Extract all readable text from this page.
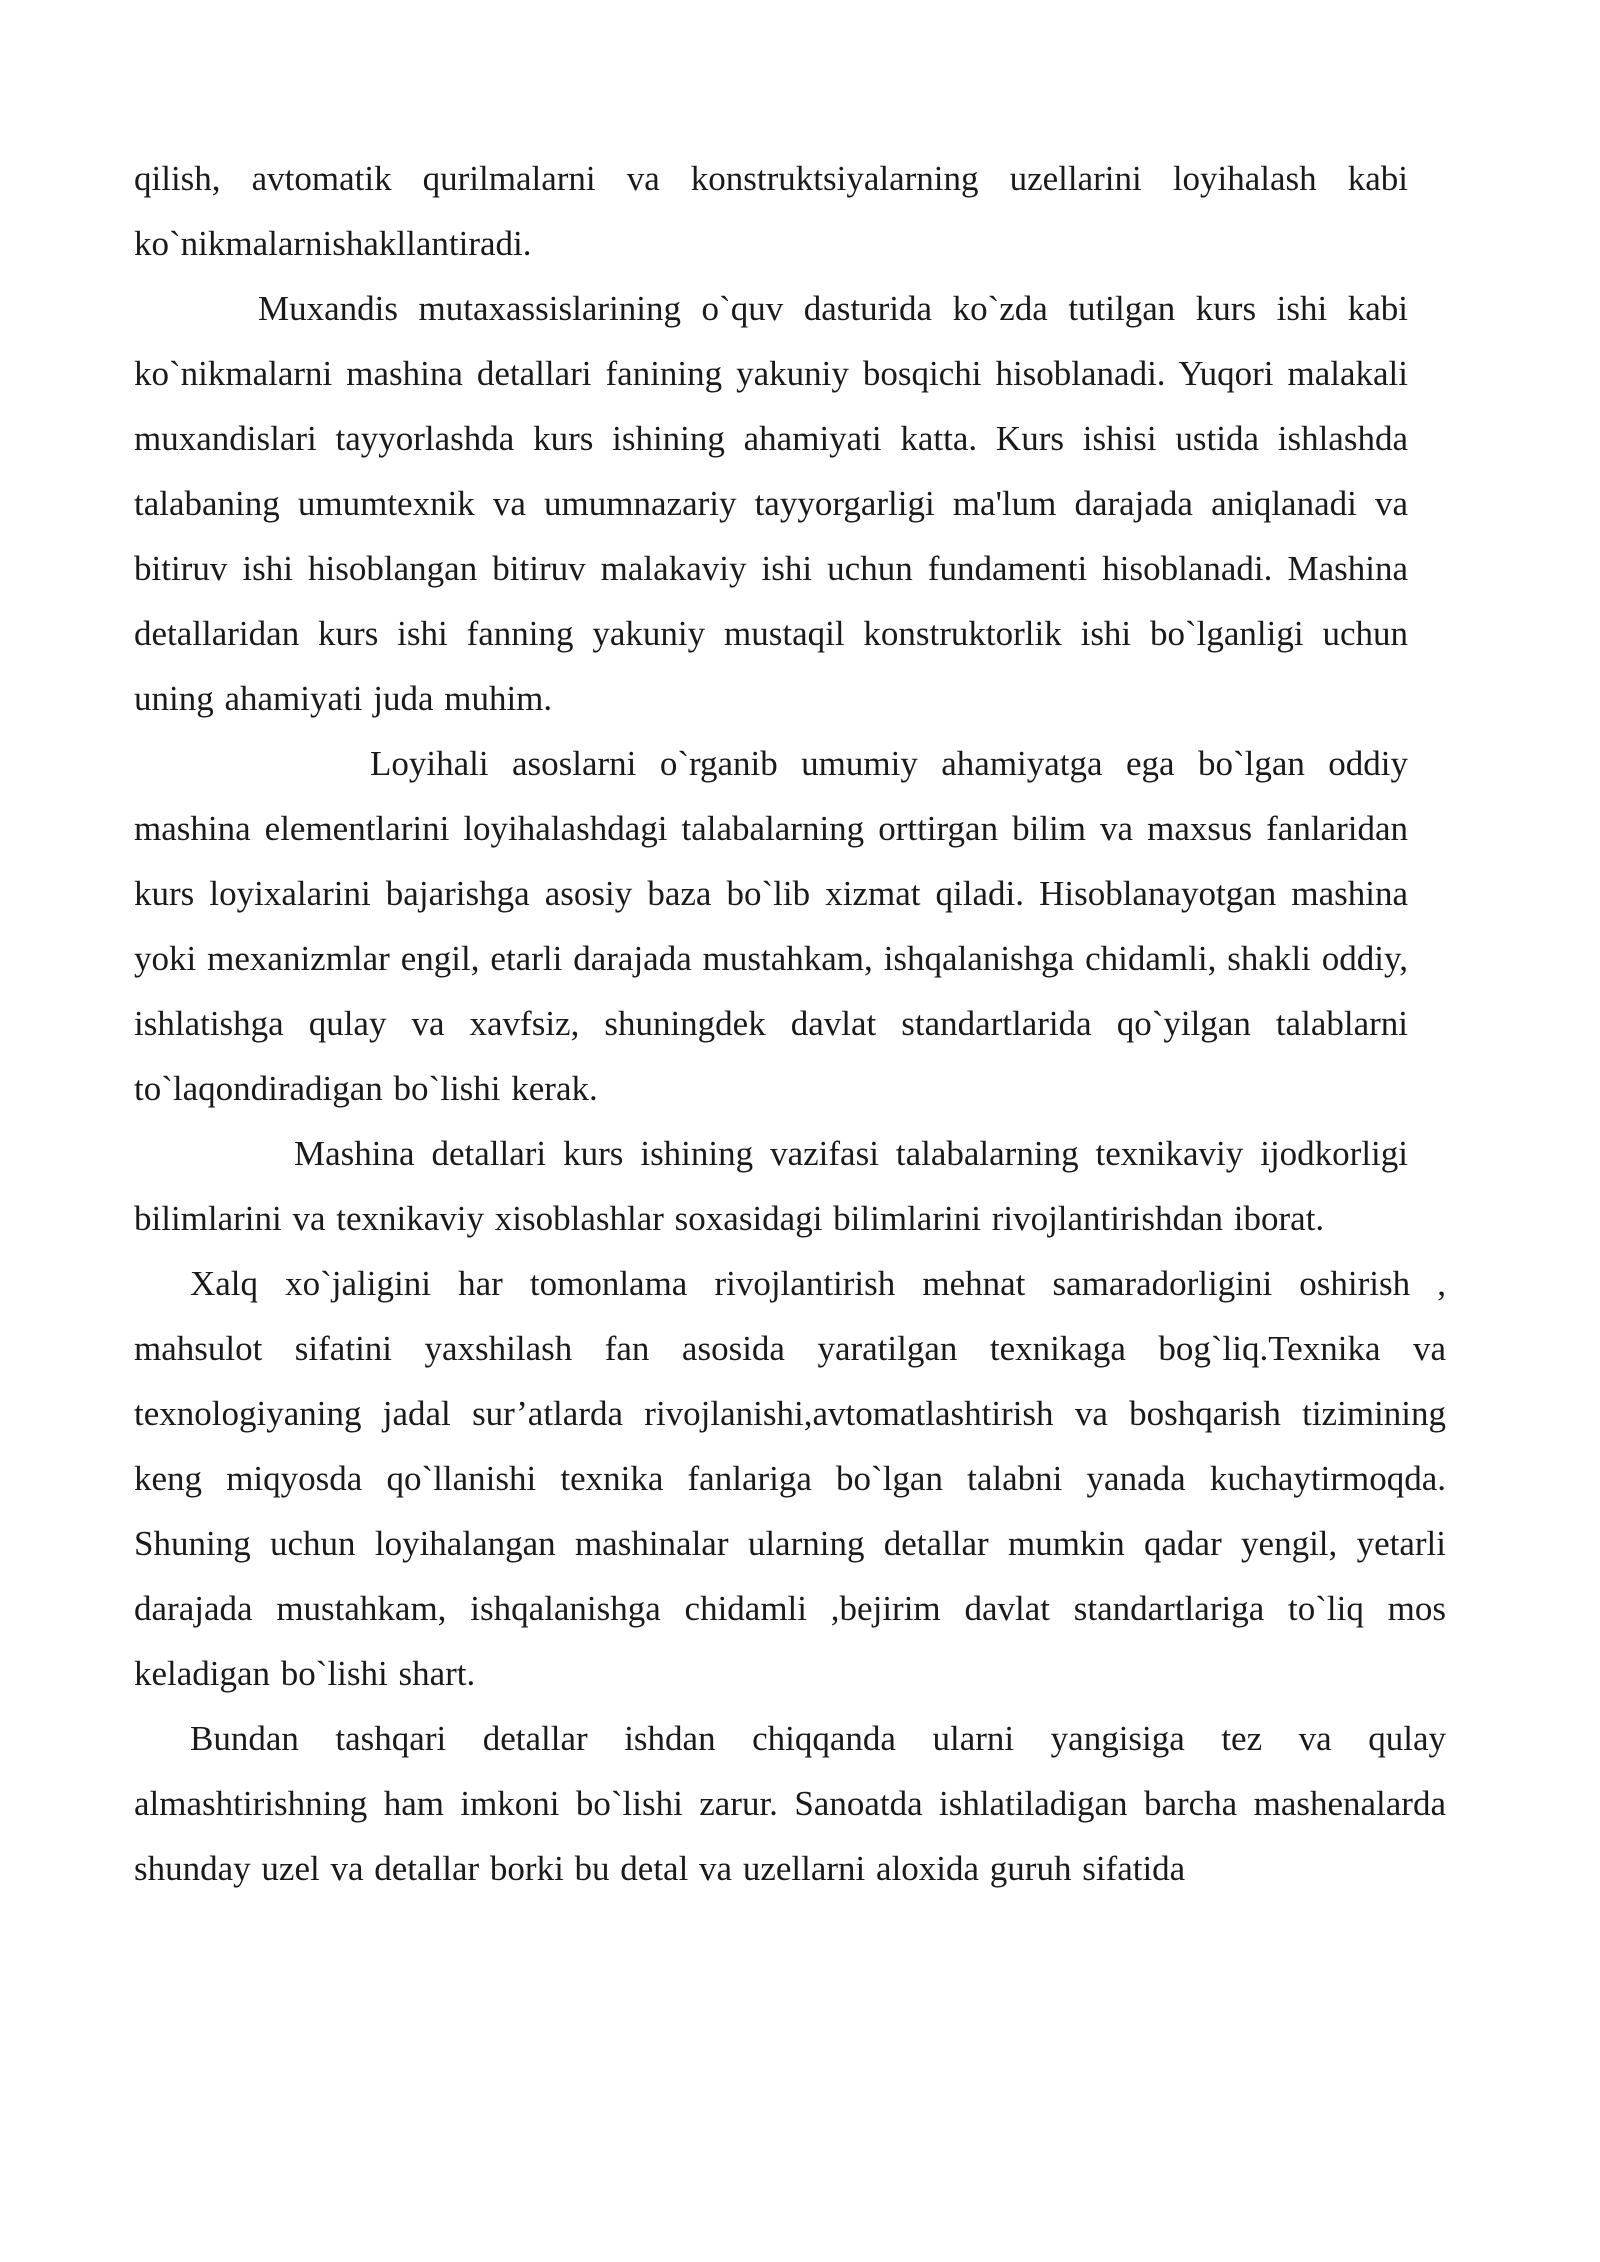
qilish, avtomatik qurilmalarni va konstruktsiyalarning uzellarini loyihalash kabi ko`nikmalarnishakllantiradi.

Muxandis mutaxassislarining o`quv dasturida ko`zda tutilgan kurs ishi kabi ko`nikmalarni mashina detallari fanining yakuniy bosqichi hisoblanadi. Yuqori malakali muxandislari tayyorlashda kurs ishining ahamiyati katta. Kurs ishisi ustida ishlashda talabaning umumtexnik va umumnazariy tayyorgarligi ma'lum darajada aniqlanadi va bitiruv ishi hisoblangan bitiruv malakaviy ishi uchun fundamenti hisoblanadi. Mashina detallaridan kurs ishi fanning yakuniy mustaqil konstruktorlik ishi bo`lganligi uchun uning ahamiyati juda muhim.

Loyihali asoslarni o`rganib umumiy ahamiyatga ega bo`lgan oddiy mashina elementlarini loyihalashdagi talabalarning orttirgan bilim va maxsus fanlaridan kurs loyixalarini bajarishga asosiy baza bo`lib xizmat qiladi. Hisoblanayotgan mashina yoki mexanizmlar engil, etarli darajada mustahkam, ishqalanishga chidamli, shakli oddiy, ishlatishga qulay va xavfsiz, shuningdek davlat standartlarida qo`yilgan talablarni to`laqondiradigan bo`lishi kerak.

Mashina detallari kurs ishining vazifasi talabalarning texnikaviy ijodkorligi bilimlarini va texnikaviy xisoblashlar soxasidagi bilimlarini rivojlantirishdan iborat.

Xalq xo`jaligini har tomonlama rivojlantirish mehnat samaradorligini oshirish , mahsulot sifatini yaxshilash fan asosida yaratilgan texnikaga bog`liq.Texnika va texnologiyaning jadal sur’atlarda rivojlanishi,avtomatlashtirish va boshqarish tizimining keng miqyosda qo`llanishi texnika fanlariga bo`lgan talabni yanada kuchaytirmoqda. Shuning uchun loyihalangan mashinalar ularning detallar mumkin qadar yengil, yetarli darajada mustahkam, ishqalanishga chidamli ,bejirim davlat standartlariga to`liq mos keladigan bo`lishi shart.

Bundan tashqari detallar ishdan chiqqanda ularni yangisiga tez va qulay almashtirishning ham imkoni bo`lishi zarur. Sanoatda ishlatiladigan barcha mashenalarda shunday uzel va detallar borki bu detal va uzellarni aloxida guruh sifatida
